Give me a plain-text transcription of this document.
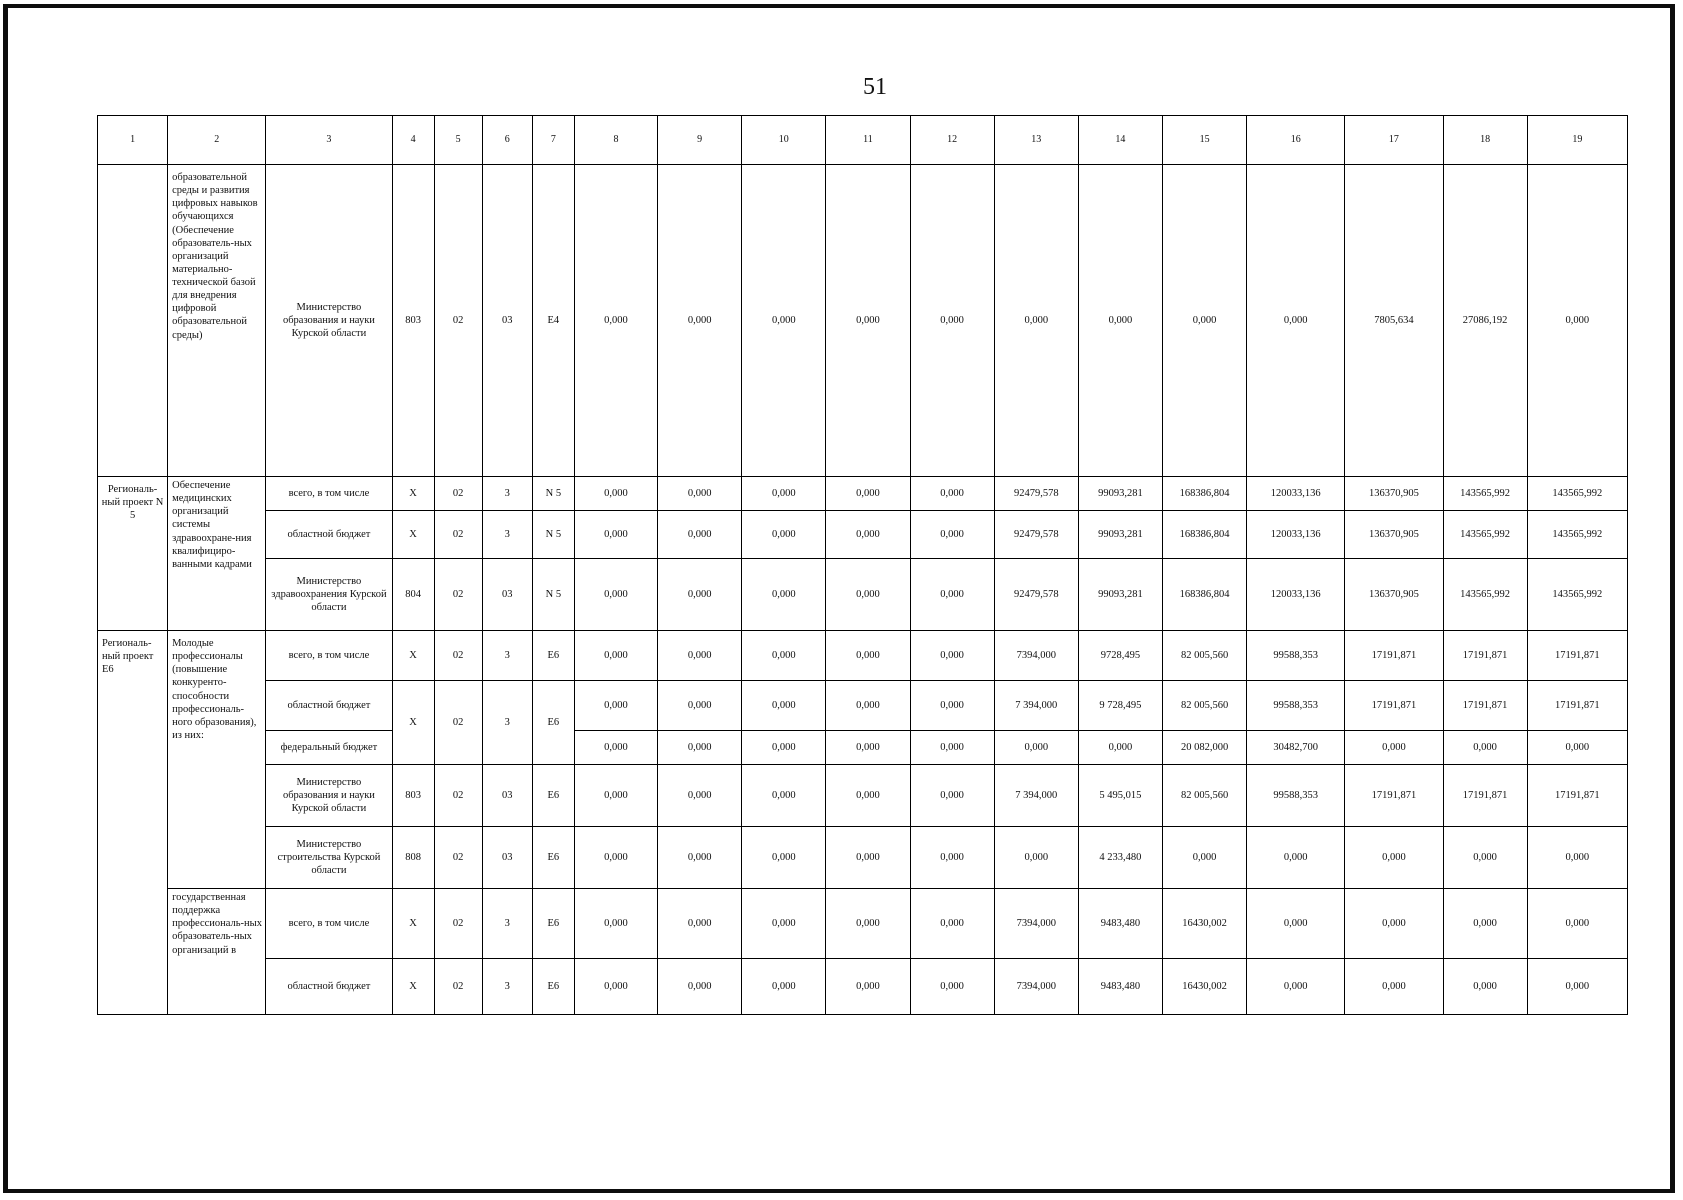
51
1	2	3	4	5	6	7	8	9	10	11	12	13	14	15	16	17	18	19
	образовательной среды и развития цифровых навыков обучающихся (Обеспечение образователь-ных организаций материально-технической базой для внедрения цифровой образовательной среды)	Министерство образования и науки Курской области	803	02	03	E4	0,000	0,000	0,000	0,000	0,000	0,000	0,000	0,000	0,000	7805,634	27086,192	0,000
Региональ-ный проект N 5	Обеспечение медицинских организаций системы здравоохране-ния квалифициро-ванными кадрами	всего, в том числе	X	02	3	N 5	0,000	0,000	0,000	0,000	0,000	92479,578	99093,281	168386,804	120033,136	136370,905	143565,992	143565,992
		областной бюджет	X	02	3	N 5	0,000	0,000	0,000	0,000	0,000	92479,578	99093,281	168386,804	120033,136	136370,905	143565,992	143565,992
		Министерство здравоохранения Курской области	804	02	03	N 5	0,000	0,000	0,000	0,000	0,000	92479,578	99093,281	168386,804	120033,136	136370,905	143565,992	143565,992
Региональ-ный проект E6	Молодые профессионалы (повышение конкуренто-способности профессиональ-ного образования), из них:	всего, в том числе	X	02	3	E6	0,000	0,000	0,000	0,000	0,000	7394,000	9728,495	82 005,560	99588,353	17191,871	17191,871	17191,871
		областной бюджет	X	02	3	E6	0,000	0,000	0,000	0,000	0,000	7 394,000	9 728,495	82 005,560	99588,353	17191,871	17191,871	17191,871
		федеральный бюджет					0,000	0,000	0,000	0,000	0,000	0,000	0,000	20 082,000	30482,700	0,000	0,000	0,000
		Министерство образования и науки Курской области	803	02	03	E6	0,000	0,000	0,000	0,000	0,000	7 394,000	5 495,015	82 005,560	99588,353	17191,871	17191,871	17191,871
		Министерство строительства Курской области	808	02	03	E6	0,000	0,000	0,000	0,000	0,000	0,000	4 233,480	0,000	0,000	0,000	0,000	0,000
	государственная поддержка профессиональ-ных образователь-ных организаций в	всего, в том числе	X	02	3	E6	0,000	0,000	0,000	0,000	0,000	7394,000	9483,480	16430,002	0,000	0,000	0,000	0,000
		областной бюджет	X	02	3	E6	0,000	0,000	0,000	0,000	0,000	7394,000	9483,480	16430,002	0,000	0,000	0,000	0,000
